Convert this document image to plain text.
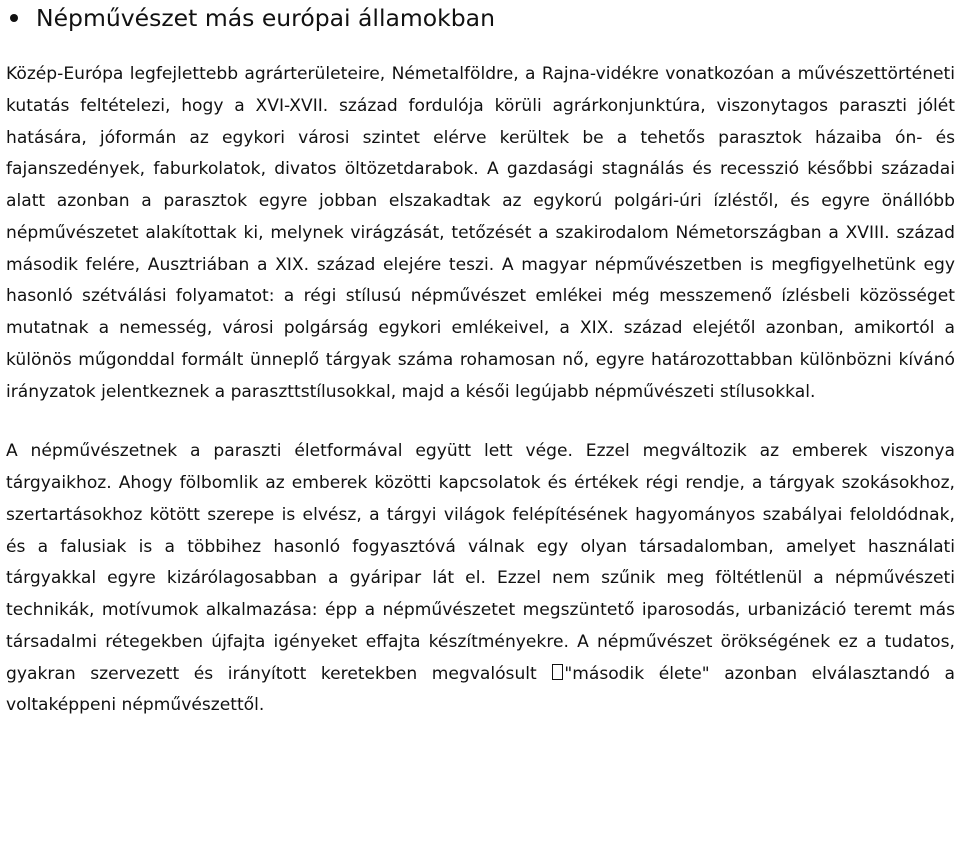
Népművészet más európai államokban

Közép-Európa legfejlettebb agrárterületeire, Németalföldre, a Rajna-vidékre vonatkozóan a művészettörténeti kutatás feltételezi, hogy a XVI-XVII. század fordulója körüli agrárkonjunktúra, viszonytagos paraszti jólét hatására, jóformán az egykori városi szintet elérve kerültek be a tehetős parasztok házaiba ón- és fajanszedények, faburkolatok, divatos öltözetdarabok. A gazdasági stagnálás és recesszió későbbi századai alatt azonban a parasztok egyre jobban elszakadtak az egykorú polgári-úri ízléstől, és egyre önállóbb népművészetet alakítottak ki, melynek virágzását, tetőzését a szakirodalom Németországban a XVIII. század második felére, Ausztriában a XIX. század elejére teszi. A magyar népművészetben is megfigyelhetünk egy hasonló szétválási folyamatot: a régi stílusú népművészet emlékei még messzemenő ízlésbeli közösséget mutatnak a nemesség, városi polgárság egykori emlékeivel, a XIX. század elejétől azonban, amikortól a különös műgonddal formált ünneplő tárgyak száma rohamosan nő, egyre határozottabban különbözni kívánó irányzatok jelentkeznek a paraszttstílusokkal, majd a késői legújabb népművészeti stílusokkal.

A népművészetnek a paraszti életformával együtt lett vége. Ezzel megváltozik az emberek viszonya tárgyaikhoz. Ahogy fölbomlik az emberek közötti kapcsolatok és értékek régi rendje, a tárgyak szokásokhoz, szertartásokhoz kötött szerepe is elvész, a tárgyi világok felépítésének hagyományos szabályai feloldódnak, és a falusiak is a többihez hasonló fogyasztóvá válnak egy olyan társadalomban, amelyet használati tárgyakkal egyre kizárólagosabban a gyáripar lát el. Ezzel nem szűnik meg föltétlenül a népművészeti technikák, motívumok alkalmazása: épp a népművészetet megszüntető iparosodás, urbanizáció teremt más társadalmi rétegekben újfajta igényeket effajta készítményekre. A népművészet örökségének ez a tudatos, gyakran szervezett és irányított keretekben megvalósult "második élete" azonban elválasztandó a voltaképpeni népművészettől.
